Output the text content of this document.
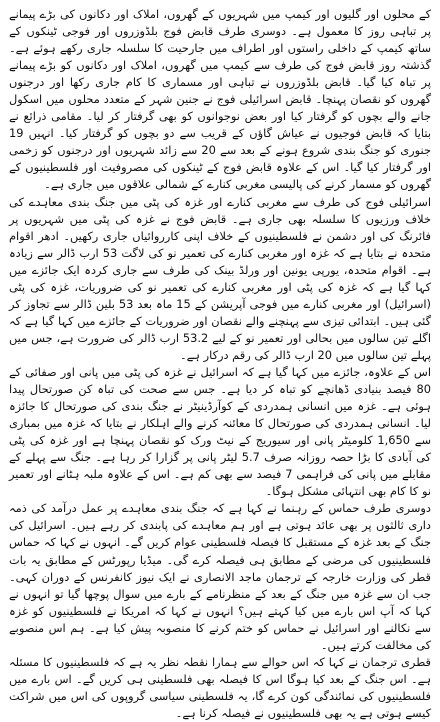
کے محلوں اور گلیوں اور کیمپ میں شہریوں کے گھروں، املاک اور دکانوں کی بڑے پیمانے پر تباہی روز کا معمول ہے۔ دوسری طرف قابض فوج بلڈوزروں اور فوجی ٹینکوں کے ساتھ کیمپ کے داخلی راستوں اور اطراف میں جارحیت کا سلسلہ جاری رکھے ہوئے ہے۔ گذشتہ روز قابض فوج کی طرف سے کیمپ میں گھروں، املاک اور دکانوں کو بڑے پیمانے پر تباہ کیا گیا۔ قابض بلڈوزروں نے تباہی اور مسماری کا کام جاری رکھا اور درجنوں گھروں کو نقصان پہنچا۔ قابض اسرائیلی فوج نے جنین شہر کے متعدد محلوں میں اسکول جانے والے بچوں کو گرفتار کیا اور بعض نوجوانوں کو بھی گرفتار کر لیا۔ مقامی ذرائع نے بتایا کہ قابض فوجیوں نے عیاش گاؤں کے قریب سے دو بچوں کو گرفتار کیا۔ انہیں 19 جنوری کو جنگ بندی شروع ہونے کے بعد سے 20 سے زائد شہریوں اور درجنوں کو زخمی اور گرفتار کیا گیا۔ اس کے علاوہ قابض فوج کے ٹینکوں کی مصروفیت اور فلسطینیوں کے گھروں کو مسمار کرنے کی پالیسی مغربی کنارے کے شمالی علاقوں میں جاری ہے۔

اسرائیلی فوج کی طرف سے مغربی کنارے اور غزہ کی پٹی میں جنگ بندی معاہدے کی خلاف ورزیوں کا سلسلہ بھی جاری ہے۔ قابض فوج نے غزہ کی پٹی میں شہریوں پر فائرنگ کی اور دشمن نے فلسطینیوں کے خلاف اپنی کارروائیاں جاری رکھیں۔ ادھر اقوام متحدہ نے بتایا ہے کہ غزہ اور مغربی کنارے کی تعمیر نو کی لاگت 53 ارب ڈالر سے زیادہ ہے۔ اقوام متحدہ، یورپی یونین اور ورلڈ بینک کی طرف سے جاری کردہ ایک جائزے میں کہا گیا ہے کہ غزہ کی پٹی اور مغربی کنارے کی تعمیر نو کی ضروریات، غزہ کی پٹی (اسرائیل) اور مغربی کنارے میں فوجی آپریشن کے 15 ماہ بعد 53 بلین ڈالر سے تجاوز کر گئی ہیں۔ ابتدائی تیزی سے پہنچنے والے نقصان اور ضروریات کے جائزے میں کہا گیا ہے کہ اگلے تین سالوں میں بحالی اور تعمیر نو کے لیے 53.2 ارب ڈالر کی ضرورت ہے، جس میں پہلے تین سالوں میں 20 ارب ڈالر کی رقم درکار ہے۔

اس کے علاوہ، جائزے میں کہا گیا ہے کہ اسرائیل نے غزہ کی پٹی میں پانی اور صفائی کے 80 فیصد بنیادی ڈھانچے کو تباہ کر دیا ہے۔ جس سے صحت کی تباہ کن صورتحال پیدا ہوئی ہے۔ غزہ میں انسانی ہمدردی کے کوآرڈینیٹر نے جنگ بندی کی صورتحال کا جائزہ لیا۔ انسانی ہمدردی کی صورتحال کا معائنہ کرنے والے اہلکار نے بتایا کہ غزہ میں بمباری سے 1,650 کلومیٹر پانی اور سیوریج کے نیٹ ورک کو نقصان پہنچا ہے اور غزہ کی پٹی کی آبادی کا بڑا حصہ روزانہ صرف 5.7 لیٹر پانی پر گزارا کر رہا ہے۔ جنگ سے پہلے کے مقابلے میں پانی کی فراہمی 7 فیصد سے بھی کم ہے۔ اس کے علاوہ ملبہ ہٹانے اور تعمیر نو کا کام بھی انتہائی مشکل ہوگا۔

دوسری طرف حماس کے رہنما نے کہا ہے کہ جنگ بندی معاہدے پر عمل درآمد کی ذمہ داری ثالثوں پر بھی عائد ہوتی ہے اور ہم معاہدے کی پابندی کر رہے ہیں۔ اسرائیل کی جنگ کے بعد غزہ کے مستقبل کا فیصلہ فلسطینی عوام کریں گے۔ انہوں نے کہا کہ حماس فلسطینیوں کی مرضی کے مطابق ہی فیصلہ کرے گی۔ میڈیا رپورٹس کے مطابق یہ بات قطر کی وزارت خارجہ کے ترجمان ماجد الانصاری نے ایک نیوز کانفرنس کے دوران کہی۔ جب ان سے غزہ میں جنگ کے بعد کے منظرنامے کے بارے میں سوال پوچھا گیا تو انہوں نے کہا کہ آپ اس بارے میں کیا کہتے ہیں؟ انہوں نے کہا کہ امریکا نے فلسطینیوں کو غزہ سے نکالنے اور اسرائیل نے حماس کو ختم کرنے کا منصوبہ پیش کیا ہے۔ ہم اس منصوبے کی مخالفت کرتے ہیں۔

قطری ترجمان نے کہا کہ اس حوالے سے ہمارا نقطہ نظر یہ ہے کہ فلسطینیوں کا مسئلہ ہے۔ اس جنگ کے بعد کیا ہوگا اس کا فیصلہ بھی فلسطینی ہی کریں گے۔ اس بارے میں فلسطینیوں کی نمائندگی کون کرے گا، یہ فلسطینی سیاسی گروپوں کی اس میں شراکت کیسے ہوتی ہے یہ بھی فلسطینیوں نے فیصلہ کرنا ہے۔
